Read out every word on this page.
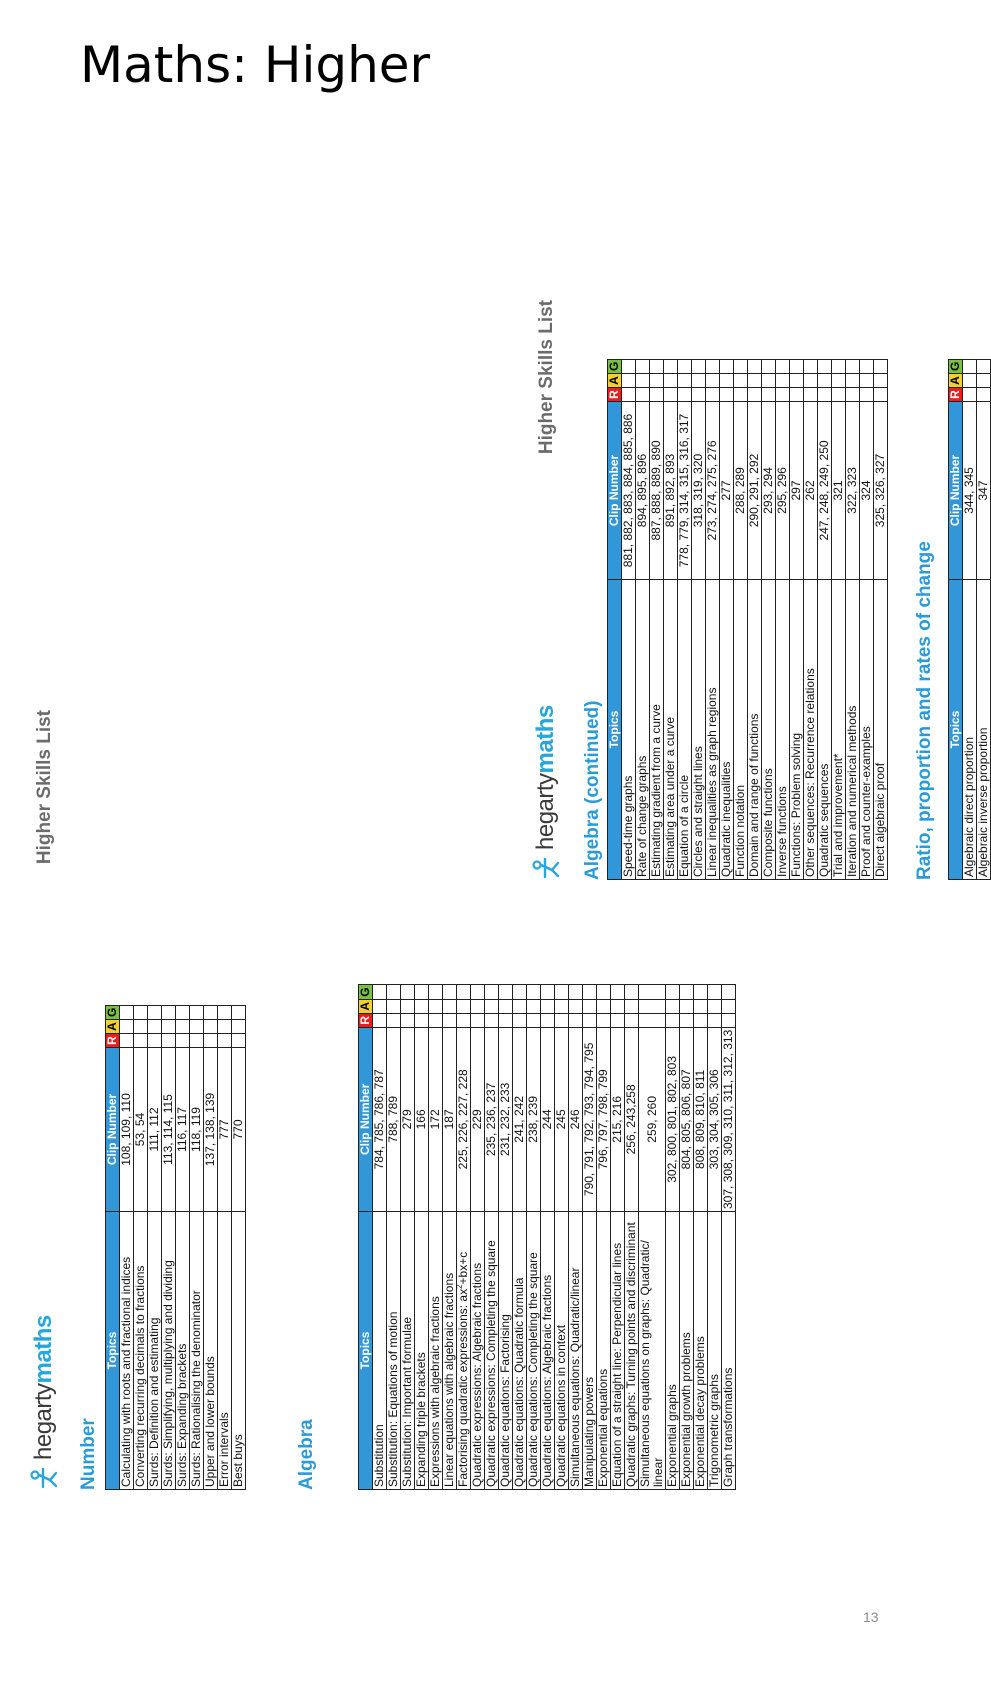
Maths: Higher
hegarty
maths
Higher Skills List
Number
Topics	Clip Number	R	A	G
Calculating with roots and fractional indices	108, 109, 110			
Converting recurring decimals to fractions	53, 54			
Surds: Definition and estimating	111, 112			
Surds: Simplifying, multiplying and dividing	113, 114, 115			
Surds: Expanding brackets	116, 117			
Surds: Rationalising the denominator	118, 119			
Upper and lower bounds	137, 138, 139			
Error intervals	777			
Best buys	770			
Algebra
Topics	Clip Number	R	A	G
Substitution	784, 785, 786, 787			
Substitution: Equations of motion	788, 789			
Substitution: Important formulae	279			
Expanding triple brackets	166			
Expressions with algebraic fractions	172			
Linear equations with algebraic fractions	187			
Factorising quadratic expressions: $ax^2+bx+c$	225, 226, 227, 228			
Quadratic expressions: Algebraic fractions	229			
Quadratic expressions: Completing the square	235, 236, 237			
Quadratic equations: Factorising	231, 232, 233			
Quadratic equations: Quadratic formula	241, 242			
Quadratic equations: Completing the square	238, 239			
Quadratic equations: Algebraic fractions	244			
Quadratic equations in context	245			
Simultaneous equations: Quadratic/linear	246			
Manipulating powers	790, 791, 792, 793, 794, 795			
Exponential equations	796, 797, 798, 799			
Equation of a straight line: Perpendicular lines	215, 216			
Quadratic graphs: Turning points and discriminant	256, 243,258			
Simultaneous equations on graphs: Quadratic/ linear	259, 260			
Exponential graphs	302, 800, 801, 802, 803			
Exponential growth problems	804, 805, 806, 807			
Exponential decay problems	808, 809, 810, 811			
Trigonometric graphs	303, 304, 305, 306			
Graph transformations	307, 308, 309, 310, 311, 312, 313			
hegarty
maths
Higher Skills List
Algebra (continued) Topics	Clip Number	R	A	G
Speed-time graphs	881, 882, 883, 884, 885, 886			
Rate of change graphs	894, 895, 896			
Estimating gradient from a curve	887, 888, 889, 890			
Estimating area under a curve	891, 892, 893			
Equation of a circle	778, 779, 314, 315, 316, 317			
Circles and straight lines	318, 319, 320			
Linear inequalities as graph regions	273, 274, 275, 276			
Quadratic inequalities	277			
Function notation	288, 289			
Domain and range of functions	290, 291, 292			
Composite functions	293, 294			
Inverse functions	295, 296			
Functions: Problem solving	297			
Other sequences: Recurrence relations	262			
Quadratic sequences	247, 248, 249, 250			
Trial and improvement*	321			
Iteration and numerical methods	322, 323			
Proof and counter-examples	324			
Direct algebraic proof	325, 326, 327			
Ratio, proportion and rates of change Topics	Clip Number	R	A	G
Algebraic direct proportion	344, 345			
Algebraic inverse proportion	347			
13
